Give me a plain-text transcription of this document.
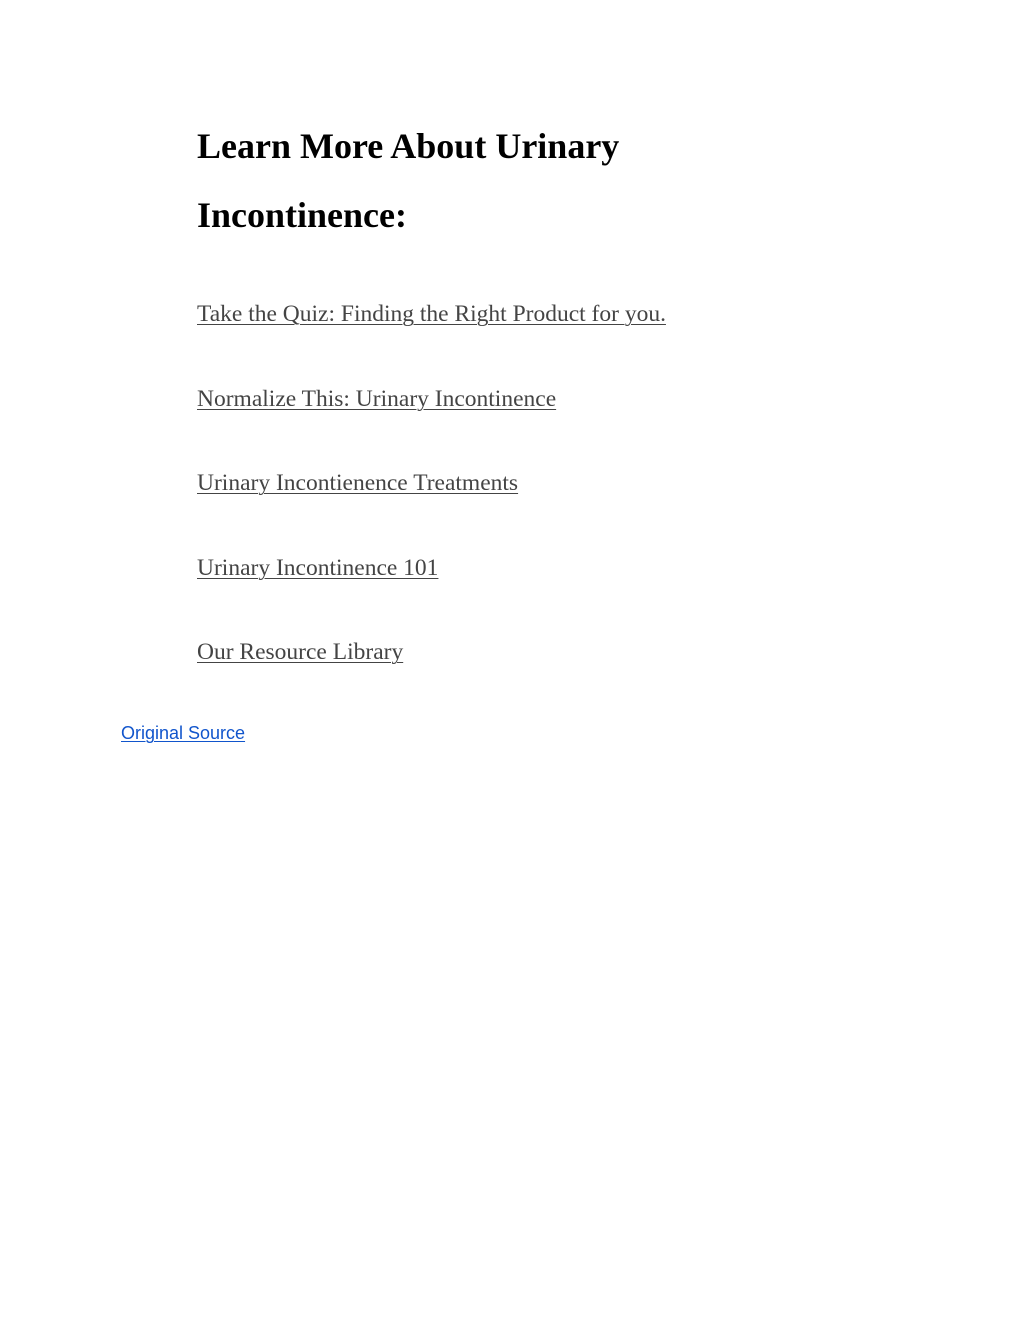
Learn More About Urinary Incontinence:
Take the Quiz: Finding the Right Product for you.
Normalize This: Urinary Incontinence
Urinary Incontienence Treatments
Urinary Incontinence 101
Our Resource Library
Original Source
